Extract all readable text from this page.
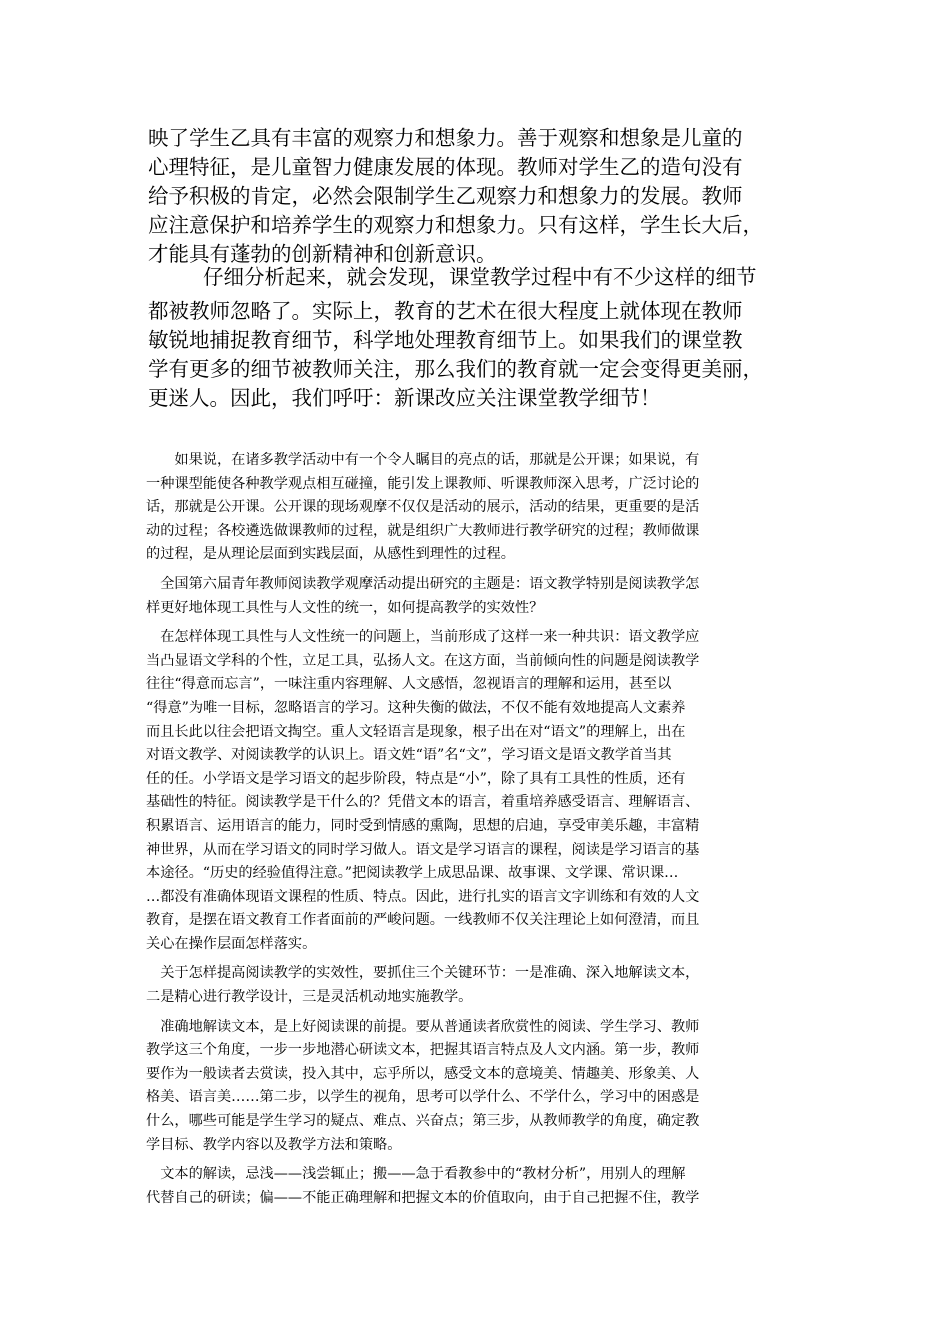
映了学生乙具有丰富的观察力和想象力。善于观察和想象是儿童的
心理特征，是儿童智力健康发展的体现。教师对学生乙的造句没有
给予积极的肯定，必然会限制学生乙观察力和想象力的发展。教师
应注意保护和培养学生的观察力和想象力。只有这样，学生长大后，
才能具有蓬勃的创新精神和创新意识。

仔细分析起来，就会发现，课堂教学过程中有不少这样的细节

都被教师忽略了。实际上，教育的艺术在很大程度上就体现在教师
敏锐地捕捉教育细节，科学地处理教育细节上。如果我们的课堂教
学有更多的细节被教师关注，那么我们的教育就一定会变得更美丽，
更迷人。因此，我们呼吁：新课改应关注课堂教学细节！

　　如果说，在诸多教学活动中有一个令人瞩目的亮点的话，那就是公开课；如果说，有
一种课型能使各种教学观点相互碰撞，能引发上课教师、听课教师深入思考，广泛讨论的
话，那就是公开课。公开课的现场观摩不仅仅是活动的展示，活动的结果，更重要的是活
动的过程；各校遴选做课教师的过程，就是组织广大教师进行教学研究的过程；教师做课
的过程，是从理论层面到实践层面，从感性到理性的过程。

　全国第六届青年教师阅读教学观摩活动提出研究的主题是：语文教学特别是阅读教学怎
样更好地体现工具性与人文性的统一，如何提高教学的实效性？

　在怎样体现工具性与人文性统一的问题上，当前形成了这样一来一种共识：语文教学应
当凸显语文学科的个性，立足工具，弘扬人文。在这方面，当前倾向性的问题是阅读教学
往往“得意而忘言”，一味注重内容理解、人文感悟，忽视语言的理解和运用，甚至以
“得意”为唯一目标，忽略语言的学习。这种失衡的做法，不仅不能有效地提高人文素养
而且长此以往会把语文掏空。重人文轻语言是现象，根子出在对“语文”的理解上，出在
对语文教学、对阅读教学的认识上。语文姓“语”名“文”，学习语文是语文教学首当其
任的任。小学语文是学习语文的起步阶段，特点是“小”，除了具有工具性的性质，还有
基础性的特征。阅读教学是干什么的？凭借文本的语言，着重培养感受语言、理解语言、
积累语言、运用语言的能力，同时受到情感的熏陶，思想的启迪，享受审美乐趣，丰富精
神世界，从而在学习语文的同时学习做人。语文是学习语言的课程，阅读是学习语言的基
本途径。“历史的经验值得注意。”把阅读教学上成思品课、故事课、文学课、常识课…
…都没有准确体现语文课程的性质、特点。因此，进行扎实的语言文字训练和有效的人文
教育，是摆在语文教育工作者面前的严峻问题。一线教师不仅关注理论上如何澄清，而且
关心在操作层面怎样落实。

　关于怎样提高阅读教学的实效性，要抓住三个关键环节：一是准确、深入地解读文本，
二是精心进行教学设计，三是灵活机动地实施教学。

　准确地解读文本，是上好阅读课的前提。要从普通读者欣赏性的阅读、学生学习、教师
教学这三个角度，一步一步地潜心研读文本，把握其语言特点及人文内涵。第一步，教师
要作为一般读者去赏读，投入其中，忘乎所以，感受文本的意境美、情趣美、形象美、人
格美、语言美……第二步，以学生的视角，思考可以学什么、不学什么，学习中的困惑是
什么，哪些可能是学生学习的疑点、难点、兴奋点；第三步，从教师教学的角度，确定教
学目标、教学内容以及教学方法和策略。

　文本的解读，忌浅——浅尝辄止；搬——急于看教参中的“教材分析”，用别人的理解
代替自己的研读；偏——不能正确理解和把握文本的价值取向，由于自己把握不住，教学
